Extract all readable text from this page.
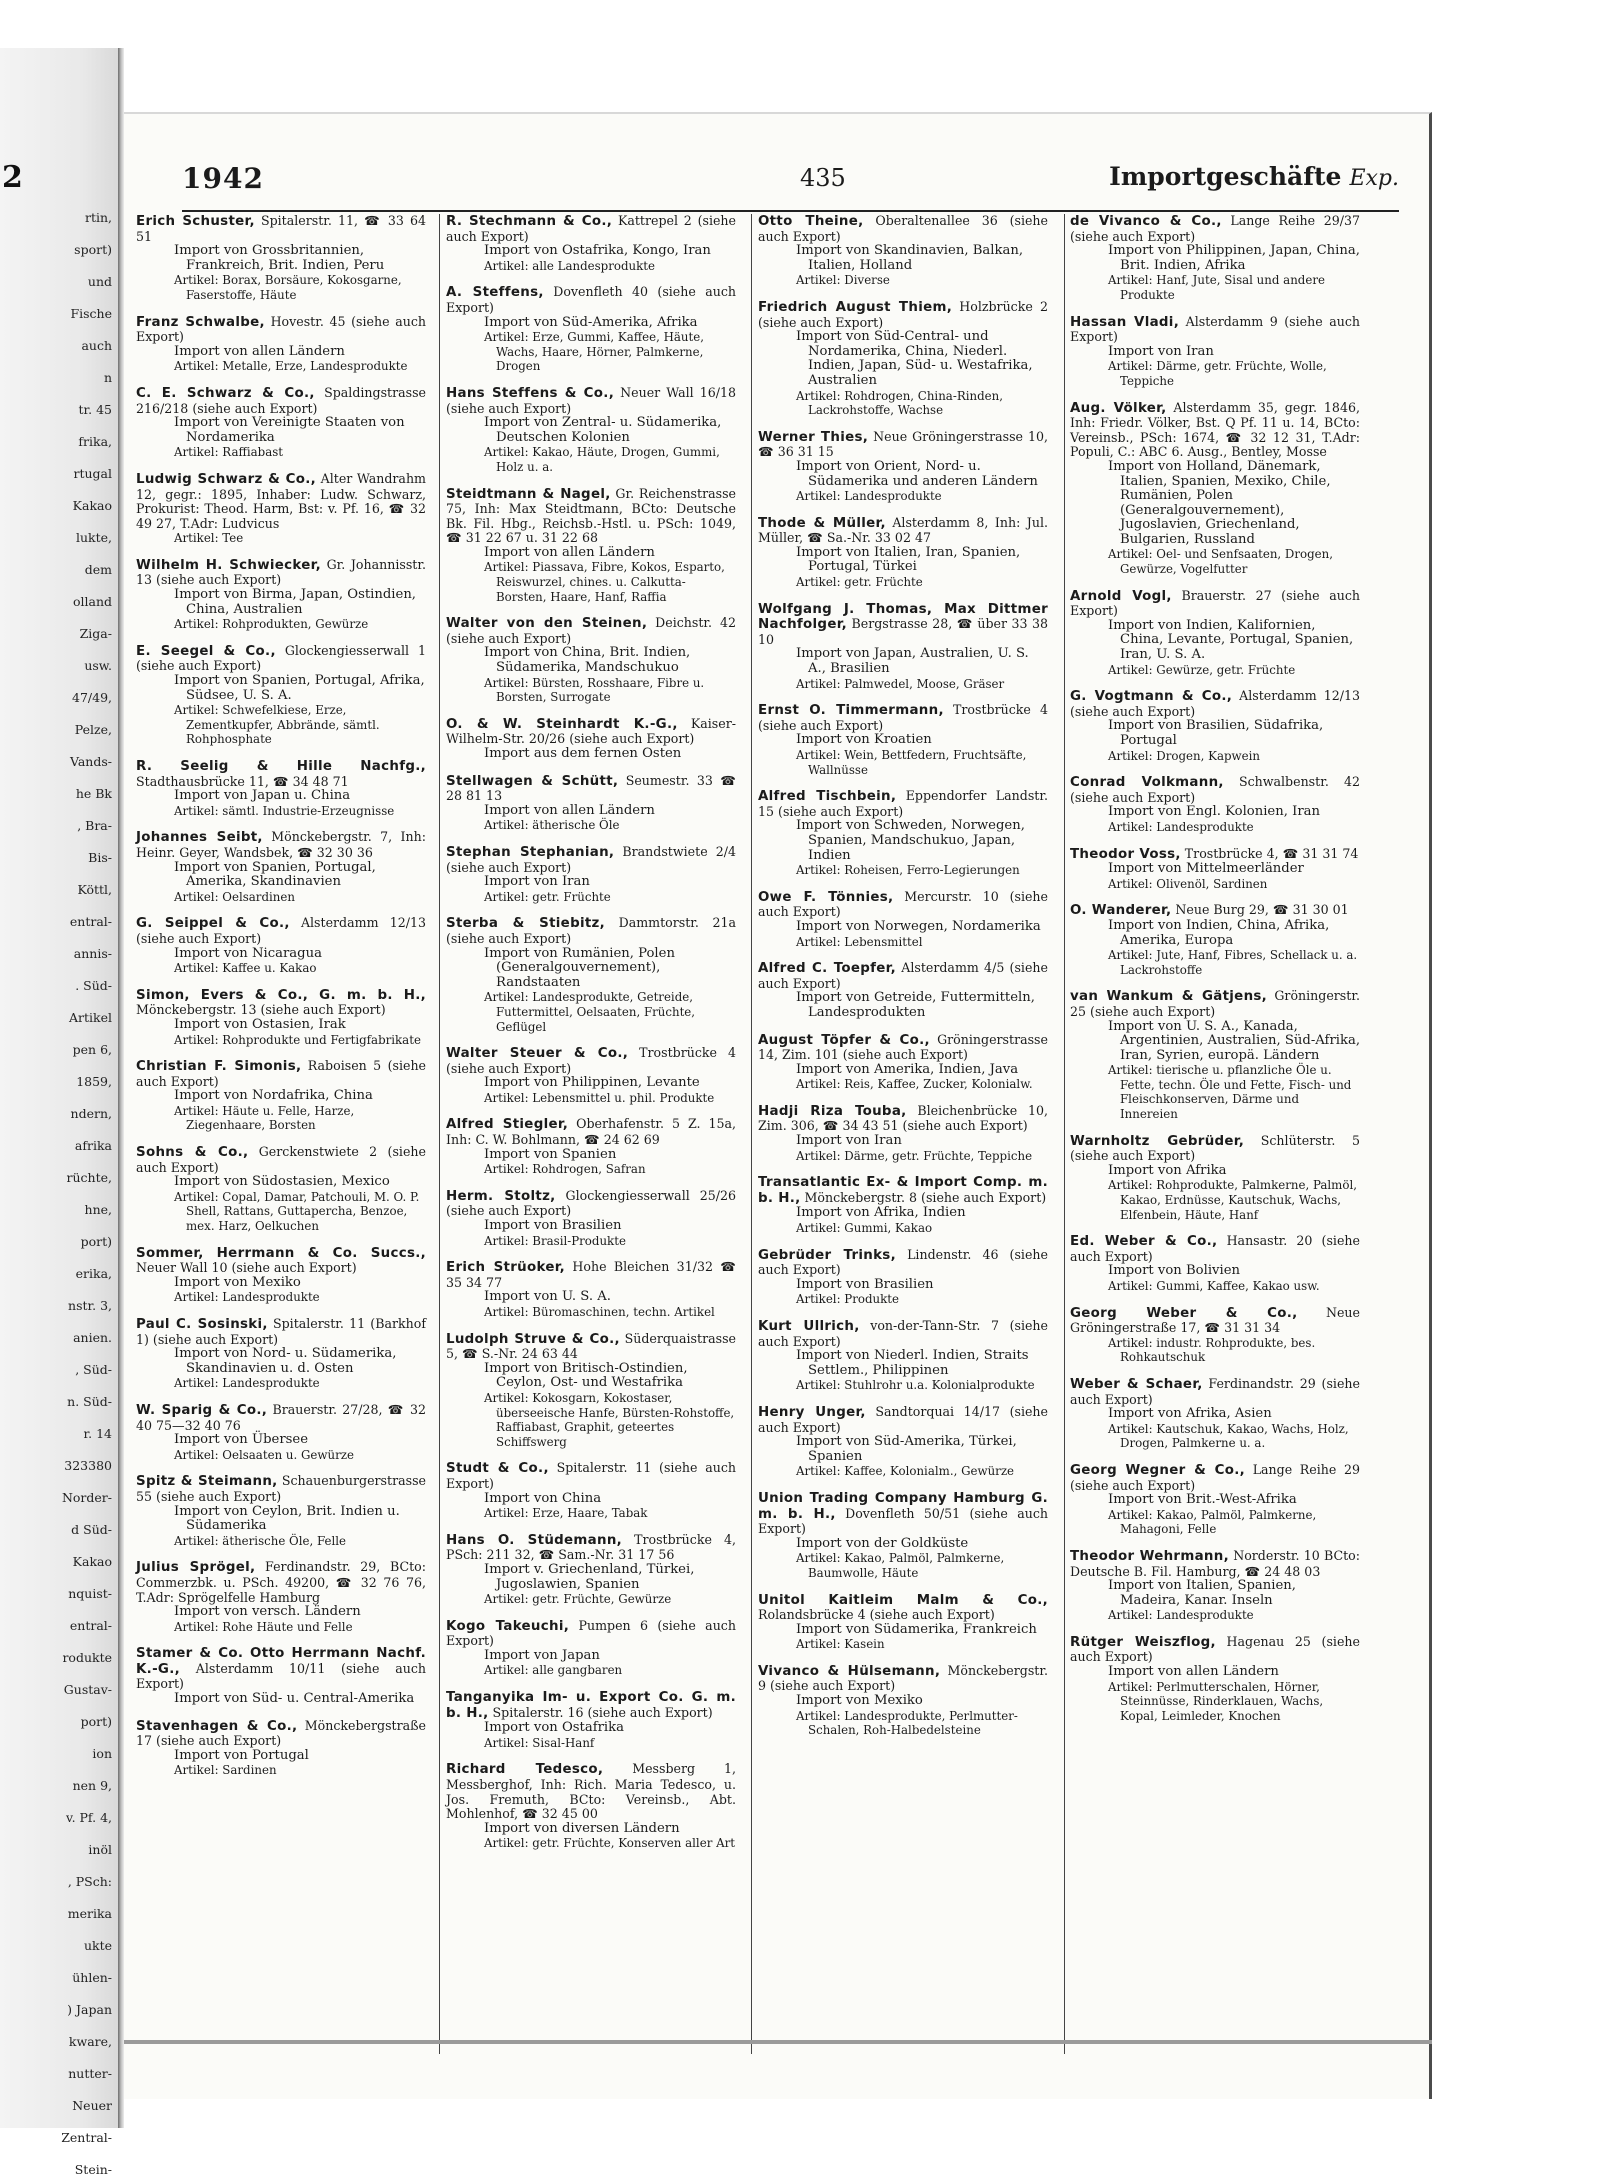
2
rtin,
sport)
und
Fische
auch
n
tr. 45
frika,
rtugal
Kakao
lukte,
dem
olland
Ziga-
usw.
47/49,
Pelze,
Vands-
he Bk
, Bra-
Bis-
Köttl,
entral-
annis-
. Süd-
Artikel
pen 6,
1859,
ndern,
afrika
rüchte,
hne,
port)
erika,
nstr. 3,
anien.
, Süd-
n. Süd-
r. 14
323380
Norder-
d Süd-
Kakao
nquist-
entral-
rodukte
Gustav-
port)
ion
nen 9,
v. Pf. 4,
inöl
, PSch:
merika
ukte
ühlen-
) Japan
kware,
nutter-
Neuer
Zentral-
Stein-
1942	435	Importgeschäfte Exp.
Erich Schuster, Spitalerstr. 11, ☎ 33 64 51
Import von Grossbritannien, Frankreich, Brit. Indien, Peru
Artikel: Borax, Borsäure, Kokosgarne, Faserstoffe, Häute
Franz Schwalbe, Hovestr. 45 (siehe auch Export)
Import von allen Ländern
Artikel: Metalle, Erze, Landesprodukte
C. E. Schwarz & Co., Spaldingstrasse 216/218 (siehe auch Export)
Import von Vereinigte Staaten von Nordamerika
Artikel: Raffiabast
Ludwig Schwarz & Co., Alter Wandrahm 12, gegr.: 1895, Inhaber: Ludw. Schwarz, Prokurist: Theod. Harm, Bst: v. Pf. 16, ☎ 32 49 27, T.Adr: Ludvicus
Artikel: Tee
Wilhelm H. Schwiecker, Gr. Johannisstr. 13 (siehe auch Export)
Import von Birma, Japan, Ostindien, China, Australien
Artikel: Rohprodukten, Gewürze
E. Seegel & Co., Glockengiesserwall 1 (siehe auch Export)
Import von Spanien, Portugal, Afrika, Südsee, U. S. A.
Artikel: Schwefelkiese, Erze, Zementkupfer, Abbrände, sämtl. Rohphosphate
R. Seelig & Hille Nachfg., Stadthausbrücke 11, ☎ 34 48 71
Import von Japan u. China
Artikel: sämtl. Industrie-Erzeugnisse
Johannes Seibt, Mönckebergstr. 7, Inh: Heinr. Geyer, Wandsbek, ☎ 32 30 36
Import von Spanien, Portugal, Amerika, Skandinavien
Artikel: Oelsardinen
G. Seippel & Co., Alsterdamm 12/13 (siehe auch Export)
Import von Nicaragua
Artikel: Kaffee u. Kakao
Simon, Evers & Co., G. m. b. H., Mönckebergstr. 13 (siehe auch Export)
Import von Ostasien, Irak
Artikel: Rohprodukte und Fertigfabrikate
Christian F. Simonis, Raboisen 5 (siehe auch Export)
Import von Nordafrika, China
Artikel: Häute u. Felle, Harze, Ziegenhaare, Borsten
Sohns & Co., Gerckenstwiete 2 (siehe auch Export)
Import von Südostasien, Mexico
Artikel: Copal, Damar, Patchouli, M. O. P. Shell, Rattans, Guttapercha, Benzoe, mex. Harz, Oelkuchen
Sommer, Herrmann & Co. Succs., Neuer Wall 10 (siehe auch Export)
Import von Mexiko
Artikel: Landesprodukte
Paul C. Sosinski, Spitalerstr. 11 (Barkhof 1) (siehe auch Export)
Import von Nord- u. Südamerika, Skandinavien u. d. Osten
Artikel: Landesprodukte
W. Sparig & Co., Brauerstr. 27/28, ☎ 32 40 75—32 40 76
Import von Übersee
Artikel: Oelsaaten u. Gewürze
Spitz & Steimann, Schauenburgerstrasse 55 (siehe auch Export)
Import von Ceylon, Brit. Indien u. Südamerika
Artikel: ätherische Öle, Felle
Julius Sprögel, Ferdinandstr. 29, BCto: Commerzbk. u. PSch. 49200, ☎ 32 76 76, T.Adr: Sprögelfelle Hamburg
Import von versch. Ländern
Artikel: Rohe Häute und Felle
Stamer & Co. Otto Herrmann Nachf. K.-G., Alsterdamm 10/11 (siehe auch Export)
Import von Süd- u. Central-Amerika
Stavenhagen & Co., Mönckebergstraße 17 (siehe auch Export)
Import von Portugal
Artikel: Sardinen
R. Stechmann & Co., Kattrepel 2 (siehe auch Export)
Import von Ostafrika, Kongo, Iran
Artikel: alle Landesprodukte
A. Steffens, Dovenfleth 40 (siehe auch Export)
Import von Süd-Amerika, Afrika
Artikel: Erze, Gummi, Kaffee, Häute, Wachs, Haare, Hörner, Palmkerne, Drogen
Hans Steffens & Co., Neuer Wall 16/18 (siehe auch Export)
Import von Zentral- u. Südamerika, Deutschen Kolonien
Artikel: Kakao, Häute, Drogen, Gummi, Holz u. a.
Steidtmann & Nagel, Gr. Reichenstrasse 75, Inh: Max Steidtmann, BCto: Deutsche Bk. Fil. Hbg., Reichsb.-Hstl. u. PSch: 1049, ☎ 31 22 67 u. 31 22 68
Import von allen Ländern
Artikel: Piassava, Fibre, Kokos, Esparto, Reiswurzel, chines. u. Calkutta-Borsten, Haare, Hanf, Raffia
Walter von den Steinen, Deichstr. 42 (siehe auch Export)
Import von China, Brit. Indien, Südamerika, Mandschukuo
Artikel: Bürsten, Rosshaare, Fibre u. Borsten, Surrogate
O. & W. Steinhardt K.-G., Kaiser-Wilhelm-Str. 20/26 (siehe auch Export)
Import aus dem fernen Osten
Stellwagen & Schütt, Seumestr. 33 ☎ 28 81 13
Import von allen Ländern
Artikel: ätherische Öle
Stephan Stephanian, Brandstwiete 2/4 (siehe auch Export)
Import von Iran
Artikel: getr. Früchte
Sterba & Stiebitz, Dammtorstr. 21a (siehe auch Export)
Import von Rumänien, Polen (Generalgouvernement), Randstaaten
Artikel: Landesprodukte, Getreide, Futtermittel, Oelsaaten, Früchte, Geflügel
Walter Steuer & Co., Trostbrücke 4 (siehe auch Export)
Import von Philippinen, Levante
Artikel: Lebensmittel u. phil. Produkte
Alfred Stiegler, Oberhafenstr. 5 Z. 15a, Inh: C. W. Bohlmann, ☎ 24 62 69
Import von Spanien
Artikel: Rohdrogen, Safran
Herm. Stoltz, Glockengiesserwall 25/26 (siehe auch Export)
Import von Brasilien
Artikel: Brasil-Produkte
Erich Strüoker, Hohe Bleichen 31/32 ☎ 35 34 77
Import von U. S. A.
Artikel: Büromaschinen, techn. Artikel
Ludolph Struve & Co., Süderquaistrasse 5, ☎ S.-Nr. 24 63 44
Import von Britisch-Ostindien, Ceylon, Ost- und Westafrika
Artikel: Kokosgarn, Kokostaser, überseeische Hanfe, Bürsten-Rohstoffe, Raffiabast, Graphit, geteertes Schiffswerg
Studt & Co., Spitalerstr. 11 (siehe auch Export)
Import von China
Artikel: Erze, Haare, Tabak
Hans O. Stüdemann, Trostbrücke 4, PSch: 211 32, ☎ Sam.-Nr. 31 17 56
Import v. Griechenland, Türkei, Jugoslawien, Spanien
Artikel: getr. Früchte, Gewürze
Kogo Takeuchi, Pumpen 6 (siehe auch Export)
Import von Japan
Artikel: alle gangbaren
Tanganyika Im- u. Export Co. G. m. b. H., Spitalerstr. 16 (siehe auch Export)
Import von Ostafrika
Artikel: Sisal-Hanf
Richard Tedesco, Messberg 1, Messberghof, Inh: Rich. Maria Tedesco, u. Jos. Fremuth, BCto: Vereinsb., Abt. Mohlenhof, ☎ 32 45 00
Import von diversen Ländern
Artikel: getr. Früchte, Konserven aller Art
Otto Theine, Oberaltenallee 36 (siehe auch Export)
Import von Skandinavien, Balkan, Italien, Holland
Artikel: Diverse
Friedrich August Thiem, Holzbrücke 2 (siehe auch Export)
Import von Süd-Central- und Nordamerika, China, Niederl. Indien, Japan, Süd- u. Westafrika, Australien
Artikel: Rohdrogen, China-Rinden, Lackrohstoffe, Wachse
Werner Thies, Neue Gröningerstrasse 10, ☎ 36 31 15
Import von Orient, Nord- u. Südamerika und anderen Ländern
Artikel: Landesprodukte
Thode & Müller, Alsterdamm 8, Inh: Jul. Müller, ☎ Sa.-Nr. 33 02 47
Import von Italien, Iran, Spanien, Portugal, Türkei
Artikel: getr. Früchte
Wolfgang J. Thomas, Max Dittmer Nachfolger, Bergstrasse 28, ☎ über 33 38 10
Import von Japan, Australien, U. S. A., Brasilien
Artikel: Palmwedel, Moose, Gräser
Ernst O. Timmermann, Trostbrücke 4 (siehe auch Export)
Import von Kroatien
Artikel: Wein, Bettfedern, Fruchtsäfte, Wallnüsse
Alfred Tischbein, Eppendorfer Landstr. 15 (siehe auch Export)
Import von Schweden, Norwegen, Spanien, Mandschukuo, Japan, Indien
Artikel: Roheisen, Ferro-Legierungen
Owe F. Tönnies, Mercurstr. 10 (siehe auch Export)
Import von Norwegen, Nordamerika
Artikel: Lebensmittel
Alfred C. Toepfer, Alsterdamm 4/5 (siehe auch Export)
Import von Getreide, Futtermitteln, Landesprodukten
August Töpfer & Co., Gröningerstrasse 14, Zim. 101 (siehe auch Export)
Import von Amerika, Indien, Java
Artikel: Reis, Kaffee, Zucker, Kolonialw.
Hadji Riza Touba, Bleichenbrücke 10, Zim. 306, ☎ 34 43 51 (siehe auch Export)
Import von Iran
Artikel: Därme, getr. Früchte, Teppiche
Transatlantic Ex- & Import Comp. m. b. H., Mönckebergstr. 8 (siehe auch Export)
Import von Afrika, Indien
Artikel: Gummi, Kakao
Gebrüder Trinks, Lindenstr. 46 (siehe auch Export)
Import von Brasilien
Artikel: Produkte
Kurt Ullrich, von-der-Tann-Str. 7 (siehe auch Export)
Import von Niederl. Indien, Straits Settlem., Philippinen
Artikel: Stuhlrohr u.a. Kolonialprodukte
Henry Unger, Sandtorquai 14/17 (siehe auch Export)
Import von Süd-Amerika, Türkei, Spanien
Artikel: Kaffee, Kolonialm., Gewürze
Union Trading Company Hamburg G. m. b. H., Dovenfleth 50/51 (siehe auch Export)
Import von der Goldküste
Artikel: Kakao, Palmöl, Palmkerne, Baumwolle, Häute
Unitol Kaitleim Malm & Co., Rolandsbrücke 4 (siehe auch Export)
Import von Südamerika, Frankreich
Artikel: Kasein
Vivanco & Hülsemann, Mönckebergstr. 9 (siehe auch Export)
Import von Mexiko
Artikel: Landesprodukte, Perlmutter-Schalen, Roh-Halbedelsteine
de Vivanco & Co., Lange Reihe 29/37 (siehe auch Export)
Import von Philippinen, Japan, China, Brit. Indien, Afrika
Artikel: Hanf, Jute, Sisal und andere Produkte
Hassan Vladi, Alsterdamm 9 (siehe auch Export)
Import von Iran
Artikel: Därme, getr. Früchte, Wolle, Teppiche
Aug. Völker, Alsterdamm 35, gegr. 1846, Inh: Friedr. Völker, Bst. Q Pf. 11 u. 14, BCto: Vereinsb., PSch: 1674, ☎ 32 12 31, T.Adr: Populi, C.: ABC 6. Ausg., Bentley, Mosse
Import von Holland, Dänemark, Italien, Spanien, Mexiko, Chile, Rumänien, Polen (Generalgouvernement), Jugoslavien, Griechenland, Bulgarien, Russland
Artikel: Oel- und Senfsaaten, Drogen, Gewürze, Vogelfutter
Arnold Vogl, Brauerstr. 27 (siehe auch Export)
Import von Indien, Kalifornien, China, Levante, Portugal, Spanien, Iran, U. S. A.
Artikel: Gewürze, getr. Früchte
G. Vogtmann & Co., Alsterdamm 12/13 (siehe auch Export)
Import von Brasilien, Südafrika, Portugal
Artikel: Drogen, Kapwein
Conrad Volkmann, Schwalbenstr. 42 (siehe auch Export)
Import von Engl. Kolonien, Iran
Artikel: Landesprodukte
Theodor Voss, Trostbrücke 4, ☎ 31 31 74
Import von Mittelmeerländer
Artikel: Olivenöl, Sardinen
O. Wanderer, Neue Burg 29, ☎ 31 30 01
Import von Indien, China, Afrika, Amerika, Europa
Artikel: Jute, Hanf, Fibres, Schellack u. a. Lackrohstoffe
van Wankum & Gätjens, Gröningerstr. 25 (siehe auch Export)
Import von U. S. A., Kanada, Argentinien, Australien, Süd-Afrika, Iran, Syrien, europä. Ländern
Artikel: tierische u. pflanzliche Öle u. Fette, techn. Öle und Fette, Fisch- und Fleischkonserven, Därme und Innereien
Warnholtz Gebrüder, Schlüterstr. 5 (siehe auch Export)
Import von Afrika
Artikel: Rohprodukte, Palmkerne, Palmöl, Kakao, Erdnüsse, Kautschuk, Wachs, Elfenbein, Häute, Hanf
Ed. Weber & Co., Hansastr. 20 (siehe auch Export)
Import von Bolivien
Artikel: Gummi, Kaffee, Kakao usw.
Georg Weber & Co., Neue Gröningerstraße 17, ☎ 31 31 34
Artikel: industr. Rohprodukte, bes. Rohkautschuk
Weber & Schaer, Ferdinandstr. 29 (siehe auch Export)
Import von Afrika, Asien
Artikel: Kautschuk, Kakao, Wachs, Holz, Drogen, Palmkerne u. a.
Georg Wegner & Co., Lange Reihe 29 (siehe auch Export)
Import von Brit.-West-Afrika
Artikel: Kakao, Palmöl, Palmkerne, Mahagoni, Felle
Theodor Wehrmann, Norderstr. 10 BCto: Deutsche B. Fil. Hamburg, ☎ 24 48 03
Import von Italien, Spanien, Madeira, Kanar. Inseln
Artikel: Landesprodukte
Rütger Weiszflog, Hagenau 25 (siehe auch Export)
Import von allen Ländern
Artikel: Perlmutterschalen, Hörner, Steinnüsse, Rinderklauen, Wachs, Kopal, Leimleder, Knochen
